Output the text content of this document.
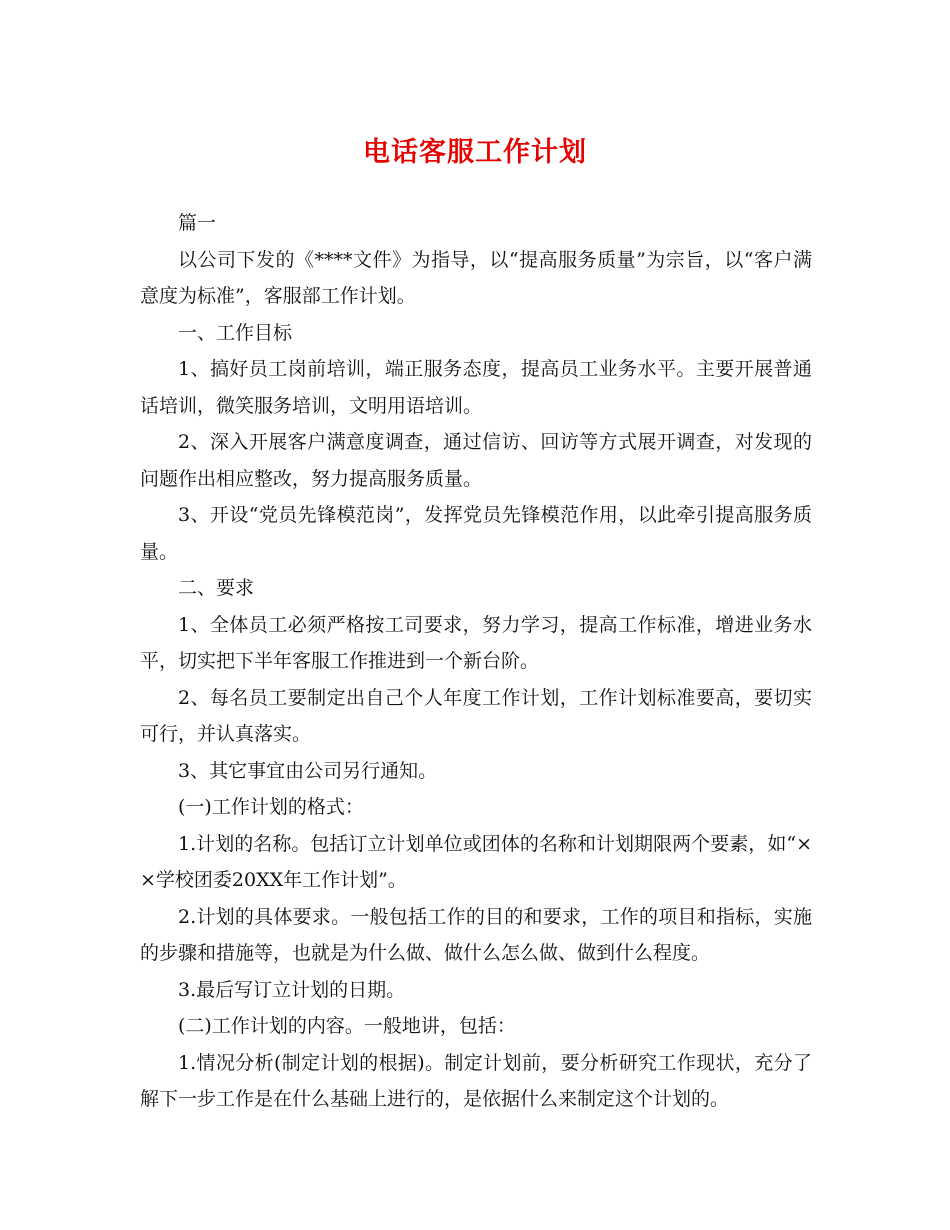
电话客服工作计划

篇一

以公司下发的《****文件》为指导，以“提高服务质量”为宗旨，以“客户满意度为标准”，客服部工作计划。

一、工作目标

1、搞好员工岗前培训，端正服务态度，提高员工业务水平。主要开展普通话培训，微笑服务培训，文明用语培训。

2、深入开展客户满意度调查，通过信访、回访等方式展开调查，对发现的问题作出相应整改，努力提高服务质量。

3、开设“党员先锋模范岗”，发挥党员先锋模范作用，以此牵引提高服务质量。

二、要求

1、全体员工必须严格按工司要求，努力学习，提高工作标准，增进业务水平，切实把下半年客服工作推进到一个新台阶。

2、每名员工要制定出自己个人年度工作计划，工作计划标准要高，要切实可行，并认真落实。

3、其它事宜由公司另行通知。

(一)工作计划的格式：

1.计划的名称。包括订立计划单位或团体的名称和计划期限两个要素，如“××学校团委20XX年工作计划”。

2.计划的具体要求。一般包括工作的目的和要求，工作的项目和指标，实施的步骤和措施等，也就是为什么做、做什么怎么做、做到什么程度。

3.最后写订立计划的日期。

(二)工作计划的内容。一般地讲，包括：

1.情况分析(制定计划的根据)。制定计划前，要分析研究工作现状，充分了解下一步工作是在什么基础上进行的，是依据什么来制定这个计划的。
